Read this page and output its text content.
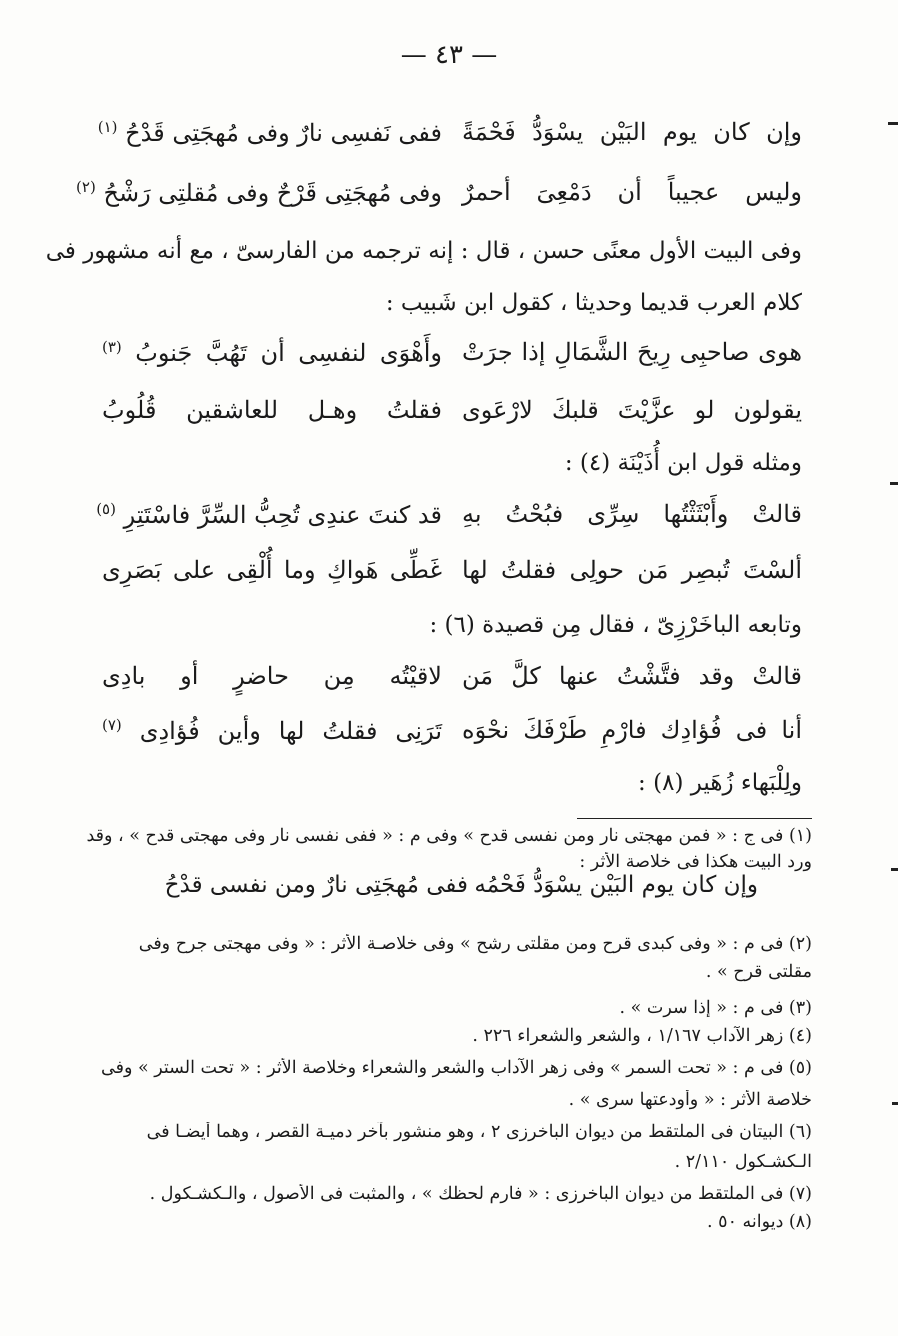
— ٤٣ —
وإن كان يوم البَيْن يسْوَدُّ فَحْمَةً
ففى نَفسِى نارٌ وفى مُهجَتِى قَدْحُ $^{(١)}$
وليس عجيباً أن دَمْعِىَ أحمرٌ
وفى مُهجَتِى قَرْحٌ وفى مُقلتِى رَشْحُ $^{(٢)}$
وفى البيت الأول معنًى حسن ، قال : إنه ترجمه من الفارسىّ ، مع أنه مشهور فى
كلام العرب قديما وحديثا ، كقول ابن شَبيب :
هوى صاحبِى رِيحَ الشَّمَالِ إذا جرَتْ
وأَهْوَى لنفسِى أن تَهُبَّ جَنوبُ $^{(٣)}$
يقولون لو عزَّيْتَ قلبكَ لارْعَوى
فقلتُ وهـل للعاشقين قُلُوبُ
ومثله قول ابن أُذَيْنَة (٤) :
قالتْ وأَبْثَثْتُها سِرِّى فبُحْتُ بهِ
قد كنتَ عندِى تُحِبُّ السِّرَّ فاسْتَتِرِ $^{(٥)}$
ألسْتَ تُبصِر مَن حولِى فقلتُ لها
غَطِّى هَواكِ وما أُلْقِى على بَصَرِى
وتابعه الباخَرْزِىّ ، فقال مِن قصيدة (٦) :
قالتْ وقد فتَّشْتُ عنها كلَّ مَن
لاقيْتُه مِن حاضرٍ أو بادِى
أنا فى فُؤادِك فارْمِ طَرْفَكَ نحْوَه
تَرَنِى فقلتُ لها وأين فُؤادِى $^{(٧)}$
ولِلْبَهاء زُهَير (٨) :
(١) فى ج : « فمن مهجتى نار ومن نفسى قدح » وفى م : « ففى نفسى نار وفى مهجتى قدح » ، وقد
ورد البيت هكذا فى خلاصة الأثر :
وإن كان يوم البَيْن يسْوَدُّ فَحْمُه
ففى مُهجَتِى نارٌ ومن نفسى قدْحُ
(٢) فى م : « وفى كبدى قرح ومن مقلتى رشح » وفى خلاصـة الأثر : « وفى مهجتى جرح وفى
مقلتى قرح » .
(٣) فى م : « إذا سرت » .
(٤) زهر الآداب ١/١٦٧ ، والشعر والشعراء ٢٢٦ .
(٥) فى م : « تحت السمر » وفى زهر الآداب والشعر والشعراء وخلاصة الأثر : « تحت الستر » وفى
خلاصة الأثر : « وأودعتها سرى » .
(٦) البيتان فى الملتقط من ديوان الباخرزى ٢ ، وهو منشور بآخر دميـة القصر ، وهما أيضـا فى
الـكشـكول ٢/١١٠ .
(٧) فى الملتقط من ديوان الباخرزى : « فارم لحظك » ، والمثبت فى الأصول ، والـكشـكول .
(٨) ديوانه ٥٠ .
